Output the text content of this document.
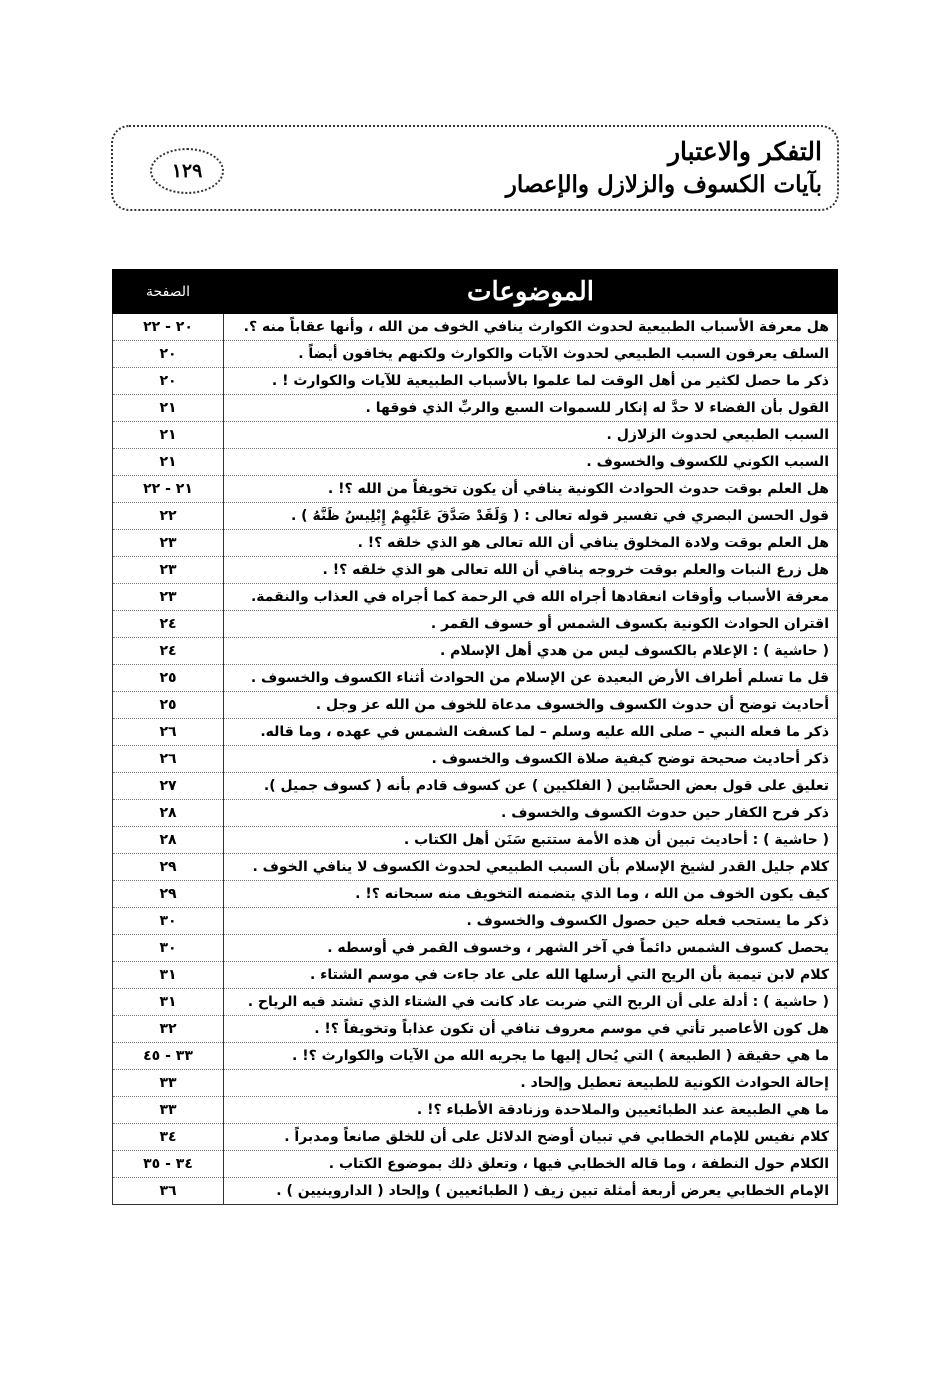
١٢٩
التفكر والاعتبار
بآيات الكسوف والزلازل والإعصار
الموضوعات	الصفحة
هل معرفة الأسباب الطبيعية لحدوث الكوارث ينافي الخوف من الله ، وأنها عقاباً منه ؟.	٢٠ - ٢٢
السلف يعرفون السبب الطبيعي لحدوث الآيات والكوارث ولكنهم يخافون أيضاً .	٢٠
ذكر ما حصل لكثير من أهل الوقت لما علموا بالأسباب الطبيعية للآيات والكوارث ! .	٢٠
القول بأن الفضاء لا حدَّ له إنكار للسموات السبع والربِّ الذي فوقها .	٢١
السبب الطبيعي لحدوث الزلازل .	٢١
السبب الكوني للكسوف والخسوف .	٢١
هل العلم بوقت حدوث الحوادث الكونية ينافي أن يكون تخويفاً من الله ؟! .	٢١ - ٢٢
قول الحسن البصري في تفسير قوله تعالى : ( وَلَقَدْ صَدَّقَ عَلَيْهِمْ إِبْلِيسُ ظَنَّهُ ) .	٢٢
هل العلم بوقت ولادة المخلوق ينافي أن الله تعالى هو الذي خلقه ؟! .	٢٣
هل زرع النبات والعلم بوقت خروجه ينافي أن الله تعالى هو الذي خلقه ؟! .	٢٣
معرفة الأسباب وأوقات انعقادها أجراه الله في الرحمة كما أجراه في العذاب والنقمة.	٢٣
اقتران الحوادث الكونية بكسوف الشمس أو خسوف القمر .	٢٤
( حاشية ) : الإعلام بالكسوف ليس من هدي أهل الإسلام .	٢٤
قل ما تسلم أطراف الأرض البعيدة عن الإسلام من الحوادث أثناء الكسوف والخسوف .	٢٥
أحاديث توضح أن حدوث الكسوف والخسوف مدعاة للخوف من الله عز وجل .	٢٥
ذكر ما فعله النبي – صلى الله عليه وسلم – لما كسفت الشمس في عهده ، وما قاله.	٢٦
ذكر أحاديث صحيحة توضح كيفية صلاة الكسوف والخسوف .	٢٦
تعليق على قول بعض الحسَّابين ( الفلكيين ) عن كسوف قادم بأنه ( كسوف جميل ).	٢٧
ذكر فرح الكفار حين حدوث الكسوف والخسوف .	٢٨
( حاشية ) : أحاديث تبين أن هذه الأمة ستتبع سَنَن أهل الكتاب .	٢٨
كلام جليل القدر لشيخ الإسلام بأن السبب الطبيعي لحدوث الكسوف لا ينافي الخوف .	٢٩
كيف يكون الخوف من الله ، وما الذي يتضمنه التخويف منه سبحانه ؟! .	٢٩
ذكر ما يستحب فعله حين حصول الكسوف والخسوف .	٣٠
يحصل كسوف الشمس دائماً في آخر الشهر ، وخسوف القمر في أوسطه .	٣٠
كلام لابن تيمية بأن الريح التي أرسلها الله على عاد جاءت في موسم الشتاء .	٣١
( حاشية ) : أدلة على أن الريح التي ضربت عاد كانت في الشتاء الذي تشتد فيه الرياح .	٣١
هل كون الأعاصير تأتي في موسم معروف تنافي أن تكون عذاباً وتخويفاً ؟! .	٣٢
ما هي حقيقة ( الطبيعة ) التي يُحال إليها ما يجريه الله من الآيات والكوارث ؟! .	٣٣ - ٤٥
إحالة الحوادث الكونية للطبيعة تعطيل وإلحاد .	٣٣
ما هي الطبيعة عند الطبائعيين والملاحدة وزنادقة الأطباء ؟! .	٣٣
كلام نفيس للإمام الخطابي في تبيان أوضح الدلائل على أن للخلق صانعاً ومدبراً .	٣٤
الكلام حول النطفة ، وما قاله الخطابي فيها ، وتعلق ذلك بموضوع الكتاب .	٣٤ - ٣٥
الإمام الخطابي يعرض أربعة أمثلة تبين زيف ( الطبائعيين ) وإلحاد ( الداروينيين ) .	٣٦
